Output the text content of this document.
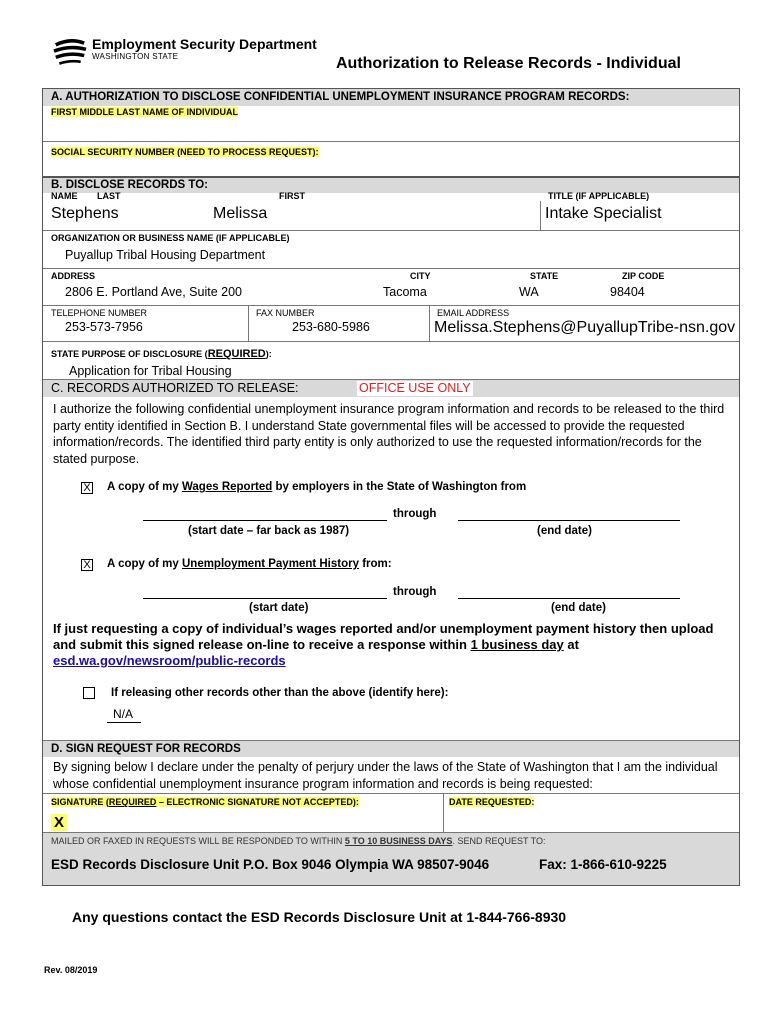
Employment Security Department
WASHINGTON STATE	Authorization to Release Records - Individual
A. AUTHORIZATION TO DISCLOSE CONFIDENTIAL UNEMPLOYMENT INSURANCE PROGRAM RECORDS:
FIRST MIDDLE LAST NAME OF INDIVIDUAL
SOCIAL SECURITY NUMBER (NEED TO PROCESS REQUEST):
B. DISCLOSE RECORDS TO:
NAME LAST	FIRST	TITLE (IF APPLICABLE)
Stephens	Melissa	Intake Specialist
ORGANIZATION OR BUSINESS NAME (IF APPLICABLE)
Puyallup Tribal Housing Department
ADDRESS	CITY	STATE	ZIP CODE
2806 E. Portland Ave, Suite 200	Tacoma	WA	98404
TELEPHONE NUMBER	FAX NUMBER	EMAIL ADDRESS
253-573-7956	253-680-5986	Melissa.Stephens@PuyallupTribe-nsn.gov
STATE PURPOSE OF DISCLOSURE (REQUIRED):
Application for Tribal Housing
C. RECORDS AUTHORIZED TO RELEASE:	OFFICE USE ONLY
I authorize the following confidential unemployment insurance program information and records to be released to the third party entity identified in Section B. I understand State governmental files will be accessed to provide the requested information/records. The identified third party entity is only authorized to use the requested information/records for the stated purpose.
X A copy of my Wages Reported by employers in the State of Washington from
through
(start date – far back as 1987)	(end date)
X A copy of my Unemployment Payment History from:
through
(start date)	(end date)
If just requesting a copy of individual’s wages reported and/or unemployment payment history then upload and submit this signed release on-line to receive a response within 1 business day at
esd.wa.gov/newsroom/public-records
If releasing other records other than the above (identify here):
N/A
D. SIGN REQUEST FOR RECORDS
By signing below I declare under the penalty of perjury under the laws of the State of Washington that I am the individual whose confidential unemployment insurance program information and records is being requested:
SIGNATURE (REQUIRED – ELECTRONIC SIGNATURE NOT ACCEPTED):	DATE REQUESTED:
X
MAILED OR FAXED IN REQUESTS WILL BE RESPONDED TO WITHIN 5 TO 10 BUSINESS DAYS. SEND REQUEST TO:
ESD Records Disclosure Unit P.O. Box 9046 Olympia WA 98507-9046	Fax: 1-866-610-9225
Any questions contact the ESD Records Disclosure Unit at 1-844-766-8930
Rev. 08/2019
